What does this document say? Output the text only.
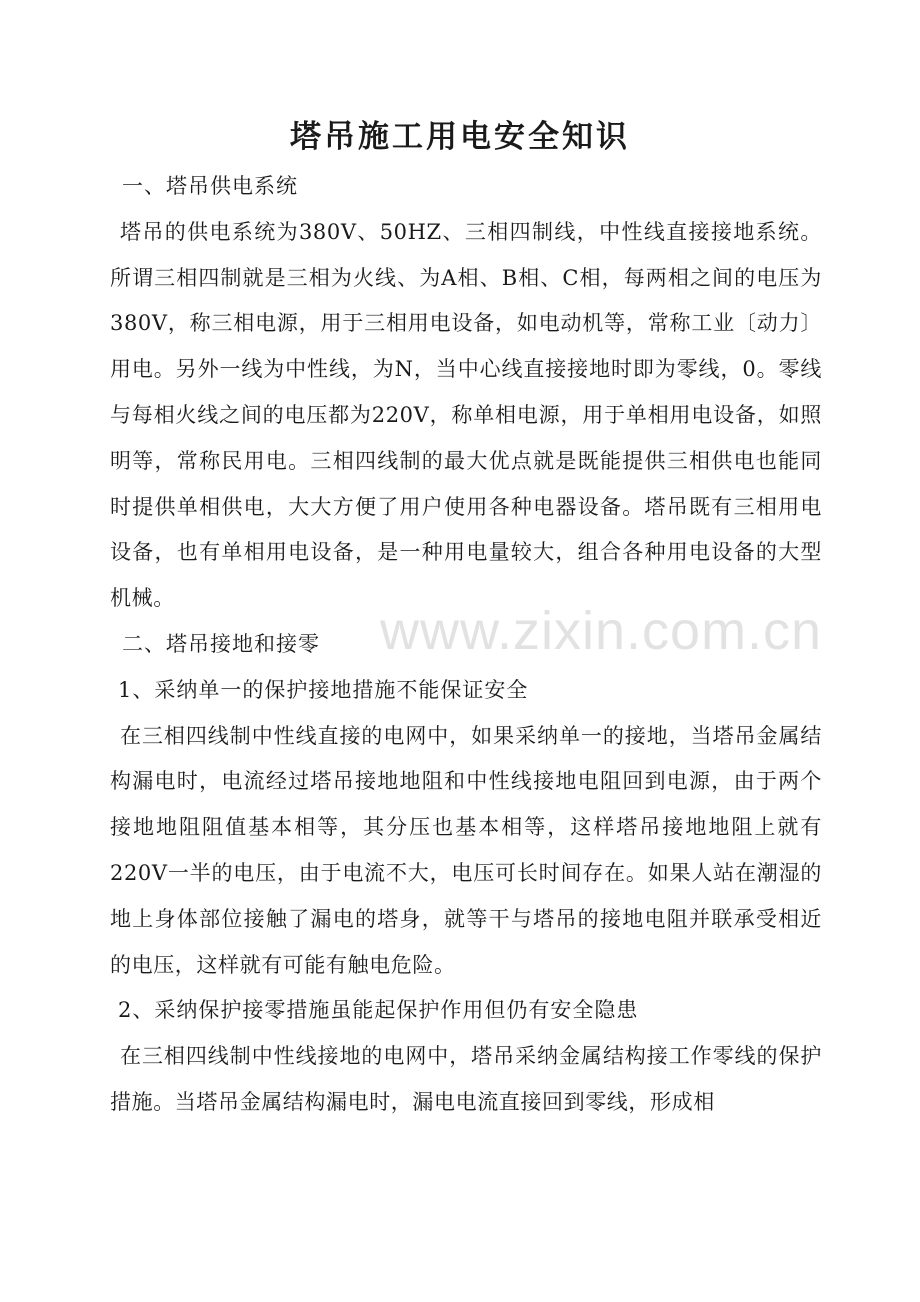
塔吊施工用电安全知识

一、塔吊供电系统

塔吊的供电系统为380V、50HZ、三相四制线，中性线直接接地系统。所谓三相四制就是三相为火线、为A相、B相、C相，每两相之间的电压为380V，称三相电源，用于三相用电设备，如电动机等，常称工业〔动力〕用电。另外一线为中性线，为N，当中心线直接接地时即为零线，0。零线与每相火线之间的电压都为220V，称单相电源，用于单相用电设备，如照明等，常称民用电。三相四线制的最大优点就是既能提供三相供电也能同时提供单相供电，大大方便了用户使用各种电器设备。塔吊既有三相用电设备，也有单相用电设备，是一种用电量较大，组合各种用电设备的大型机械。

二、塔吊接地和接零

1、采纳单一的保护接地措施不能保证安全

在三相四线制中性线直接的电网中，如果采纳单一的接地，当塔吊金属结构漏电时，电流经过塔吊接地地阻和中性线接地电阻回到电源，由于两个接地地阻阻值基本相等，其分压也基本相等，这样塔吊接地地阻上就有220V一半的电压，由于电流不大，电压可长时间存在。如果人站在潮湿的地上身体部位接触了漏电的塔身，就等干与塔吊的接地电阻并联承受相近的电压，这样就有可能有触电危险。

2、采纳保护接零措施虽能起保护作用但仍有安全隐患

在三相四线制中性线接地的电网中，塔吊采纳金属结构接工作零线的保护措施。当塔吊金属结构漏电时，漏电电流直接回到零线，形成相

www.zixin.com.cn
